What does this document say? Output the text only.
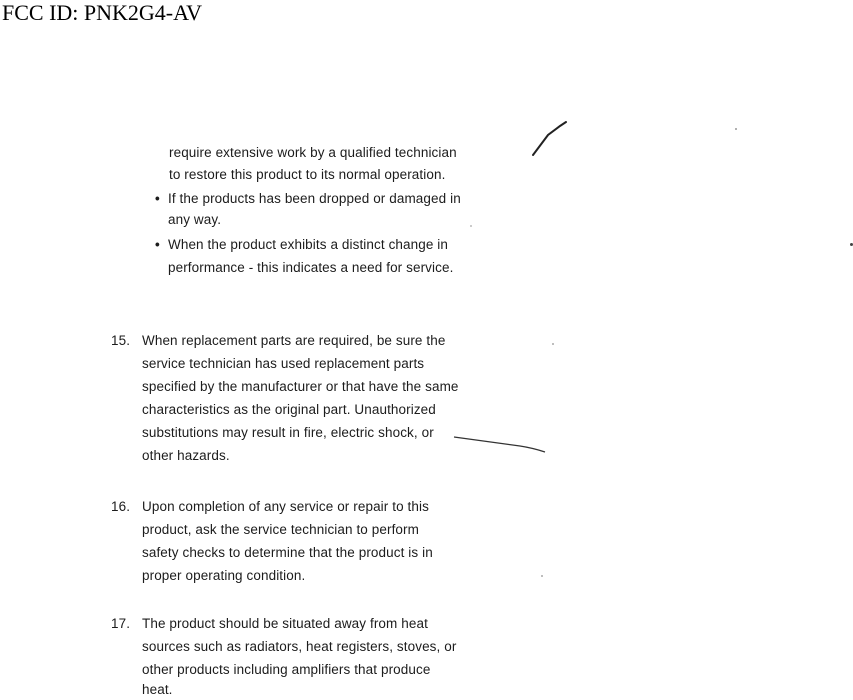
FCC ID: PNK2G4-AV
require extensive work by a qualified technician
to restore this product to its normal operation.
• If the products has been dropped or damaged in
any way.
• When the product exhibits a distinct change in
performance - this indicates a need for service.
15. When replacement parts are required, be sure the
service technician has used replacement parts
specified by the manufacturer or that have the same
characteristics as the original part. Unauthorized
substitutions may result in fire, electric shock, or
other hazards.
16. Upon completion of any service or repair to this
product, ask the service technician to perform
safety checks to determine that the product is in
proper operating condition.
17. The product should be situated away from heat
sources such as radiators, heat registers, stoves, or
other products including amplifiers that produce
heat.
